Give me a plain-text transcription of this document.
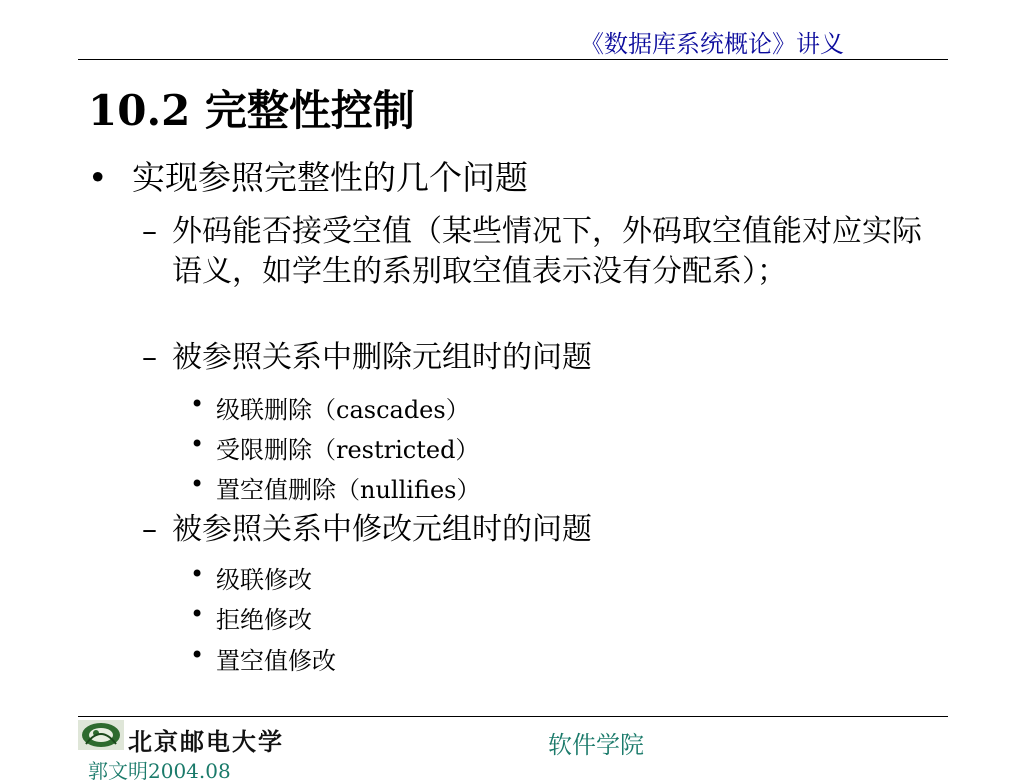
《数据库系统概论》讲义
10.2 完整性控制
• 实现参照完整性的几个问题
– 外码能否接受空值（某些情况下，外码取空值能对应实际语义，如学生的系别取空值表示没有分配系）；
– 被参照关系中删除元组时的问题
• 级联删除（cascades）
• 受限删除（restricted）
• 置空值删除（nullifies）
– 被参照关系中修改元组时的问题
• 级联修改
• 拒绝修改
• 置空值修改
北京邮电大学	软件学院
郭文明2004.08
